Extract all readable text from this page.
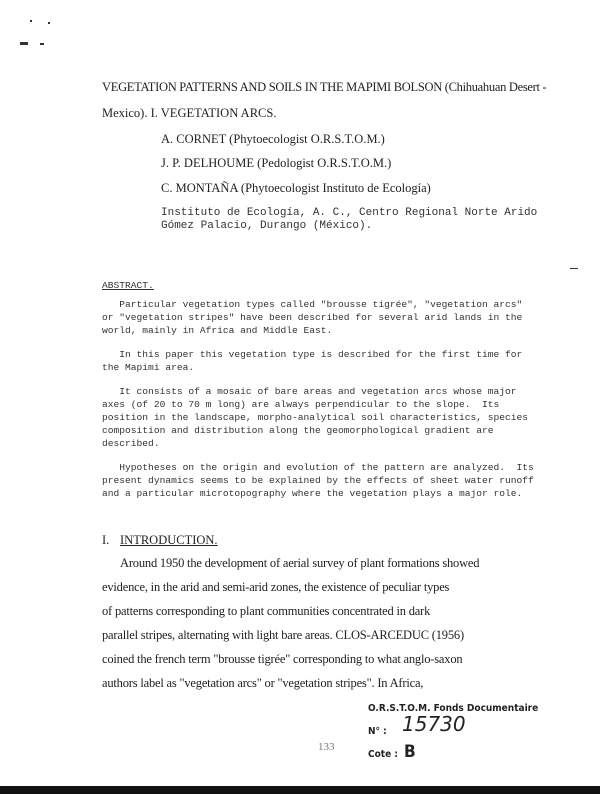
VEGETATION PATTERNS AND SOILS IN THE MAPIMI BOLSON (Chihuahuan Desert -
Mexico). I. VEGETATION ARCS.
A. CORNET (Phytoecologist O.R.S.T.O.M.)
J. P. DELHOUME (Pedologist O.R.S.T.O.M.)
C. MONTAÑA (Phytoecologist Instituto de Ecología)
Instituto de Ecología, A. C., Centro Regional Norte Arido
Gómez Palacio, Durango (México).
ABSTRACT.
Particular vegetation types called "brousse tigrée", "vegetation arcs"
or "vegetation stripes" have been described for several arid lands in the
world, mainly in Africa and Middle East.
In this paper this vegetation type is described for the first time for
the Mapimi area.
It consists of a mosaic of bare areas and vegetation arcs whose major
axes (of 20 to 70 m long) are always perpendicular to the slope.  Its
position in the landscape, morpho-analytical soil characteristics, species
composition and distribution along the geomorphological gradient are
described.
Hypotheses on the origin and evolution of the pattern are analyzed.  Its
present dynamics seems to be explained by the effects of sheet water runoff
and a particular microtopography where the vegetation plays a major role.
I. INTRODUCTION.
Around 1950 the development of aerial survey of plant formations showed
evidence, in the arid and semi-arid zones, the existence of peculiar types
of patterns corresponding to plant communities concentrated in dark
parallel stripes, alternating with light bare areas. CLOS-ARCEDUC (1956)
coined the french term "brousse tigrée" corresponding to what anglo-saxon
authors label as "vegetation arcs" or "vegetation stripes". In Africa,
133
O.R.S.T.O.M. Fonds Documentaire
N° : 15730
Cote : B
